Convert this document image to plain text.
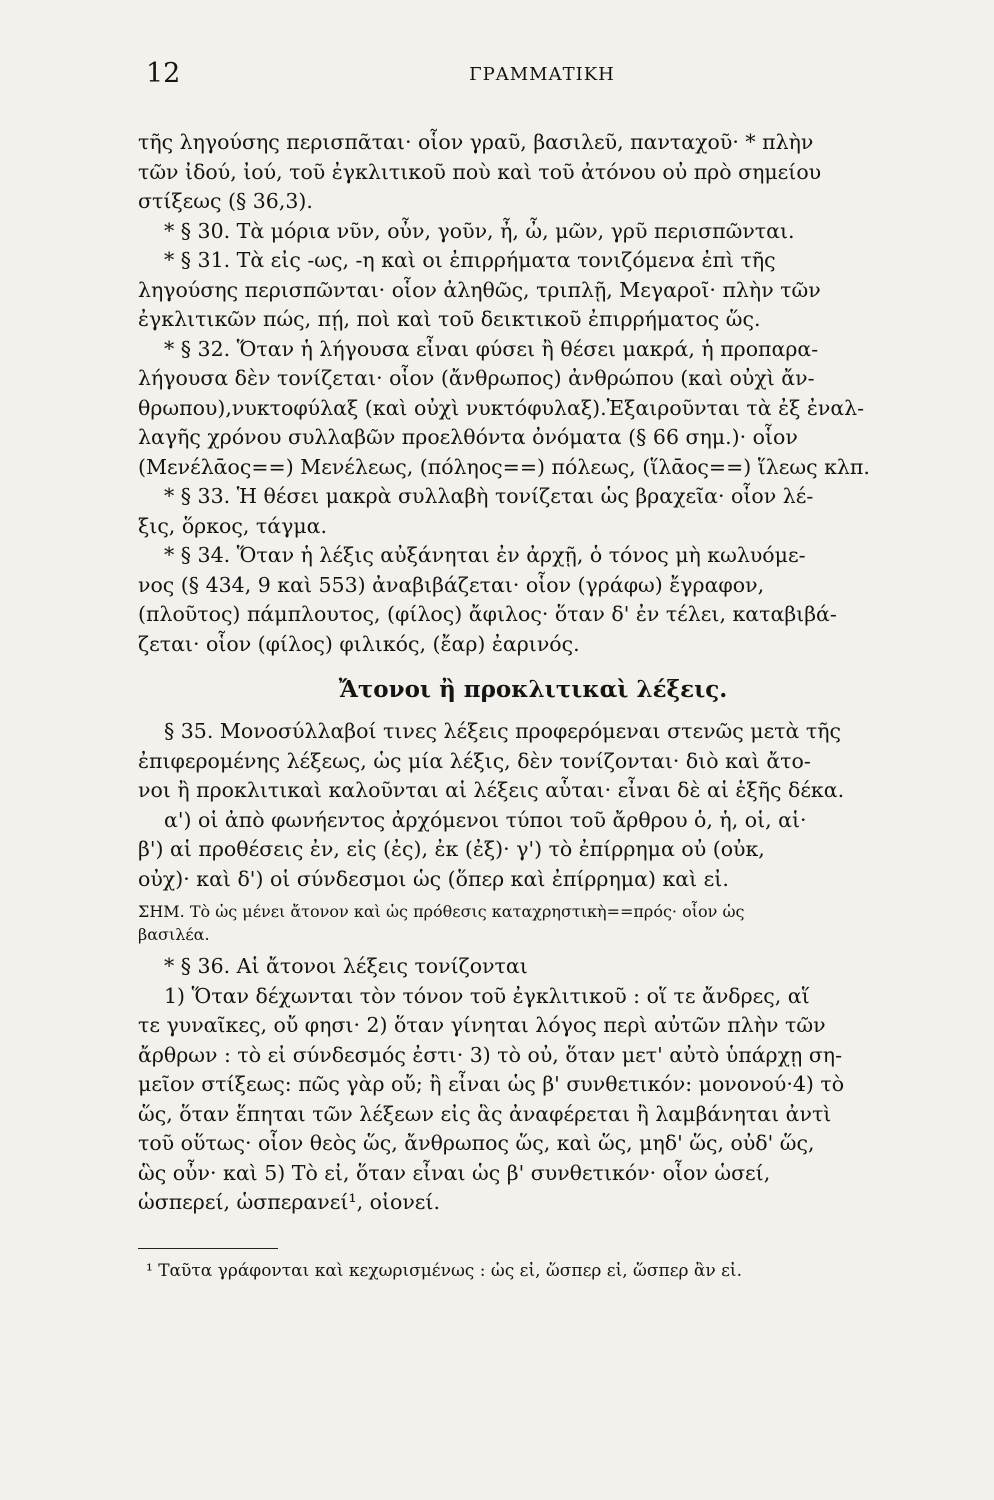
12	ΓΡΑΜΜΑΤΙΚΗ
τῆς ληγούσης περισπᾶται· οἷον γραῦ, βασιλεῦ, πανταχοῦ· * πλὴν
τῶν ἰδού, ἰού, τοῦ ἐγκλιτικοῦ ποὺ καὶ τοῦ ἀτόνου οὐ πρὸ σημείου
στίξεως (§ 36,3).
* § 30. Τὰ μόρια νῦν, οὖν, γοῦν, ἦ, ὦ, μῶν, γρῦ περισπῶνται.
* § 31. Τὰ εἰς -ως, -η καὶ οι ἐπιρρήματα τονιζόμενα ἐπὶ τῆς
ληγούσης περισπῶνται· οἷον ἀληθῶς, τριπλῇ, Μεγαροῖ· πλὴν τῶν
ἐγκλιτικῶν πώς, πῄ, ποὶ καὶ τοῦ δεικτικοῦ ἐπιρρήματος ὥς.
* § 32. Ὅταν ἡ λήγουσα εἶναι φύσει ἢ θέσει μακρά, ἡ προπαρα-
λήγουσα δὲν τονίζεται· οἷον (ἄνθρωπος) ἀνθρώπου (καὶ οὐχὶ ἄν-
θρωπου),νυκτοφύλαξ (καὶ οὐχὶ νυκτόφυλαξ).Ἐξαιροῦνται τὰ ἐξ ἐναλ-
λαγῆς χρόνου συλλαβῶν προελθόντα ὀνόματα (§ 66 σημ.)· οἷον
(Μενέλᾱος==) Μενέλεως, (πόληος==) πόλεως, (ἵλᾱος==) ἵλεως κλπ.
* § 33. Ἡ θέσει μακρὰ συλλαβὴ τονίζεται ὡς βραχεῖα· οἷον λέ-
ξις, ὅρκος, τάγμα.
* § 34. Ὅταν ἡ λέξις αὐξάνηται ἐν ἀρχῇ, ὁ τόνος μὴ κωλυόμε-
νος (§ 434, 9 καὶ 553) ἀναβιβάζεται· οἷον (γράφω) ἔγραφον,
(πλοῦτος) πάμπλουτος, (φίλος) ἄφιλος· ὅταν δ' ἐν τέλει, καταβιβά-
ζεται· οἷον (φίλος) φιλικός, (ἔαρ) ἐαρινός.
Ἄτονοι ἢ προκλιτικαὶ λέξεις.
§ 35. Μονοσύλλαβοί τινες λέξεις προφερόμεναι στενῶς μετὰ τῆς
ἐπιφερομένης λέξεως, ὡς μία λέξις, δὲν τονίζονται· διὸ καὶ ἄτο-
νοι ἢ προκλιτικαὶ καλοῦνται αἱ λέξεις αὗται· εἶναι δὲ αἱ ἑξῆς δέκα.
α') οἱ ἀπὸ φωνήεντος ἀρχόμενοι τύποι τοῦ ἄρθρου ὁ, ἡ, οἱ, αἱ·
β') αἱ προθέσεις ἐν, εἰς (ἐς), ἐκ (ἐξ)· γ') τὸ ἐπίρρημα οὐ (οὐκ,
οὐχ)· καὶ δ') οἱ σύνδεσμοι ὡς (ὅπερ καὶ ἐπίρρημα) καὶ εἰ.
ΣΗΜ. Τὸ ὡς μένει ἄτονον καὶ ὡς πρόθεσις καταχρηστικὴ==πρός· οἷον ὡς
βασιλέα.
* § 36. Αἱ ἄτονοι λέξεις τονίζονται
1) Ὅταν δέχωνται τὸν τόνον τοῦ ἐγκλιτικοῦ : οἵ τε ἄνδρες, αἵ
τε γυναῖκες, οὔ φησι· 2) ὅταν γίνηται λόγος περὶ αὐτῶν πλὴν τῶν
ἄρθρων : τὸ εἰ σύνδεσμός ἐστι· 3) τὸ οὐ, ὅταν μετ' αὐτὸ ὑπάρχῃ ση-
μεῖον στίξεως: πῶς γὰρ οὔ; ἢ εἶναι ὡς β' συνθετικόν: μονονού·4) τὸ
ὥς, ὅταν ἕπηται τῶν λέξεων εἰς ἃς ἀναφέρεται ἢ λαμβάνηται ἀντὶ
τοῦ οὕτως· οἷον θεὸς ὥς, ἄνθρωπος ὥς, καὶ ὥς, μηδ' ὥς, οὐδ' ὥς,
ὣς οὖν· καὶ 5) Τὸ εἰ, ὅταν εἶναι ὡς β' συνθετικόν· οἷον ὡσεί,
ὡσπερεί, ὡσπερανεί¹, οἱονεί.
¹ Ταῦτα γράφονται καὶ κεχωρισμένως : ὡς εἰ, ὥσπερ εἰ, ὥσπερ ἂν εἰ.
